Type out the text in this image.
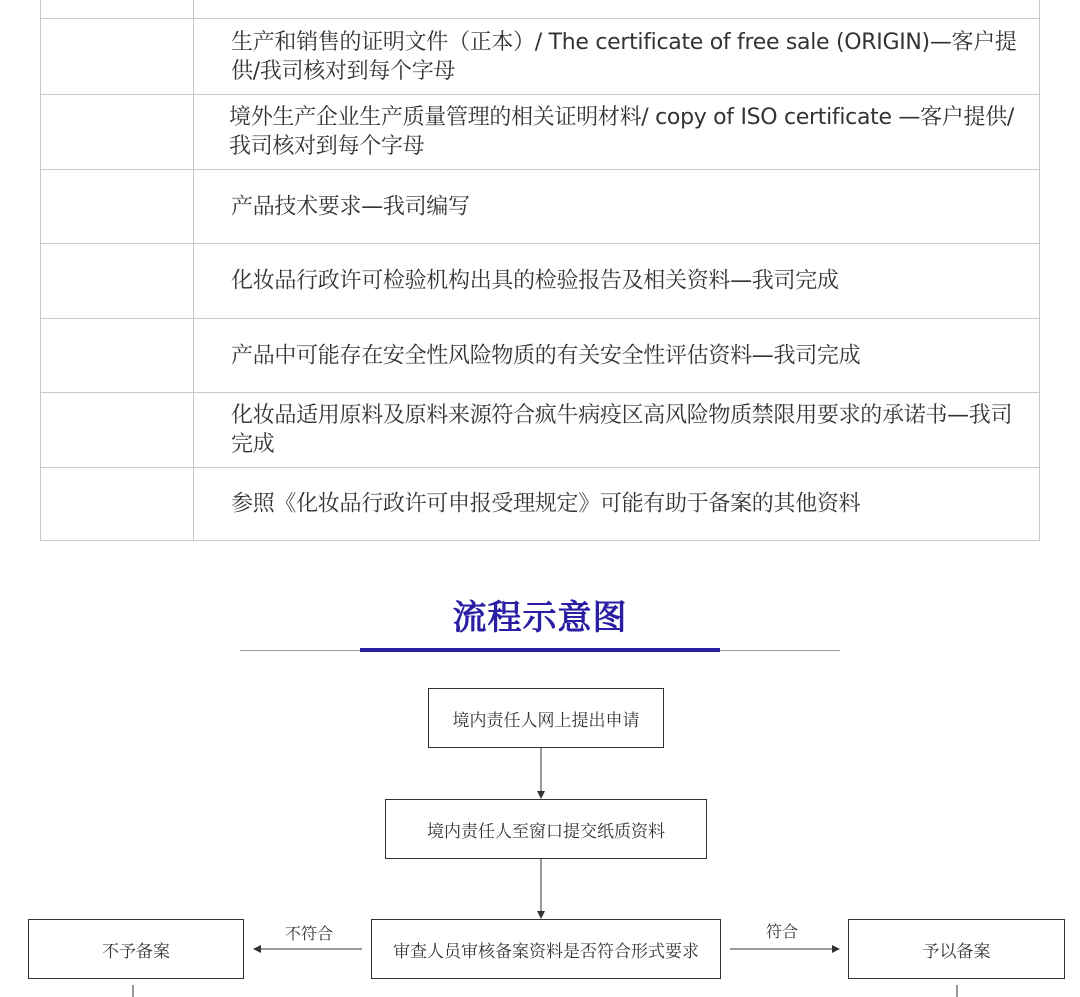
生产和销售的证明文件（正本）/ The certificate of free sale (ORIGIN)—客户提供/我司核对到每个字母
境外生产企业生产质量管理的相关证明材料/ copy of ISO certificate —客户提供/我司核对到每个字母
产品技术要求—我司编写
化妆品行政许可检验机构出具的检验报告及相关资料—我司完成
产品中可能存在安全性风险物质的有关安全性评估资料—我司完成
化妆品适用原料及原料来源符合疯牛病疫区高风险物质禁限用要求的承诺书—我司完成
参照《化妆品行政许可申报受理规定》可能有助于备案的其他资料
流程示意图
境内责任人网上提出申请
境内责任人至窗口提交纸质资料
审查人员审核备案资料是否符合形式要求
不予备案	予以备案
不符合	符合
